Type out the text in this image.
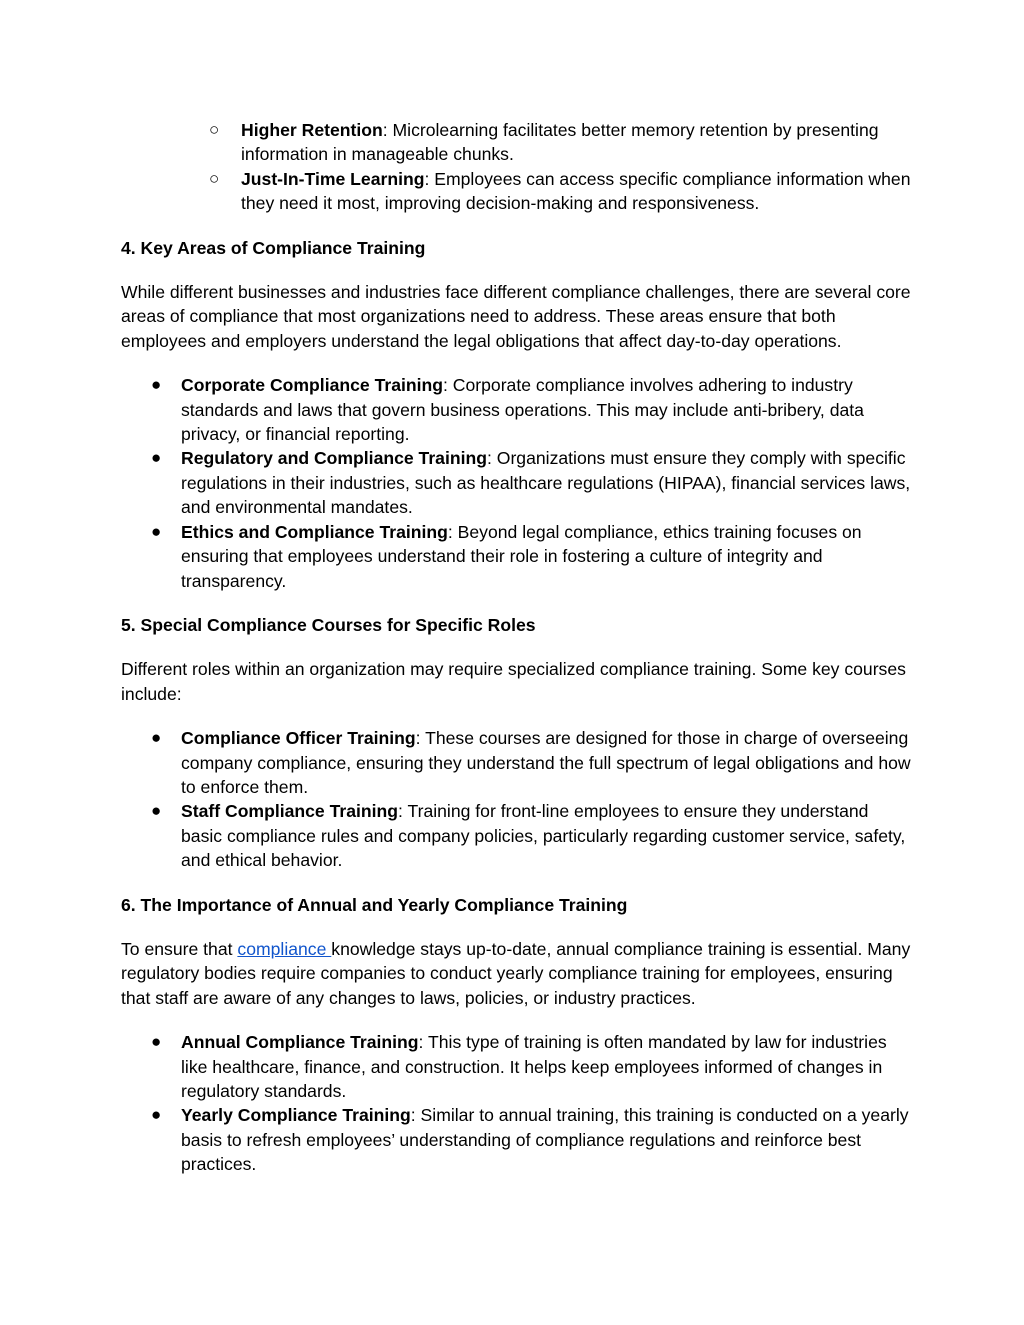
○ Higher Retention: Microlearning facilitates better memory retention by presenting information in manageable chunks.
○ Just-In-Time Learning: Employees can access specific compliance information when they need it most, improving decision-making and responsiveness.
4. Key Areas of Compliance Training

While different businesses and industries face different compliance challenges, there are several core areas of compliance that most organizations need to address. These areas ensure that both employees and employers understand the legal obligations that affect day-to-day operations.

● Corporate Compliance Training: Corporate compliance involves adhering to industry standards and laws that govern business operations. This may include anti-bribery, data privacy, or financial reporting.
● Regulatory and Compliance Training: Organizations must ensure they comply with specific regulations in their industries, such as healthcare regulations (HIPAA), financial services laws, and environmental mandates.
● Ethics and Compliance Training: Beyond legal compliance, ethics training focuses on ensuring that employees understand their role in fostering a culture of integrity and transparency.
5. Special Compliance Courses for Specific Roles

Different roles within an organization may require specialized compliance training. Some key courses include:

● Compliance Officer Training: These courses are designed for those in charge of overseeing company compliance, ensuring they understand the full spectrum of legal obligations and how to enforce them.
● Staff Compliance Training: Training for front-line employees to ensure they understand basic compliance rules and company policies, particularly regarding customer service, safety, and ethical behavior.
6. The Importance of Annual and Yearly Compliance Training

To ensure that compliance knowledge stays up-to-date, annual compliance training is essential. Many regulatory bodies require companies to conduct yearly compliance training for employees, ensuring that staff are aware of any changes to laws, policies, or industry practices.

● Annual Compliance Training: This type of training is often mandated by law for industries like healthcare, finance, and construction. It helps keep employees informed of changes in regulatory standards.
● Yearly Compliance Training: Similar to annual training, this training is conducted on a yearly basis to refresh employees’ understanding of compliance regulations and reinforce best practices.
